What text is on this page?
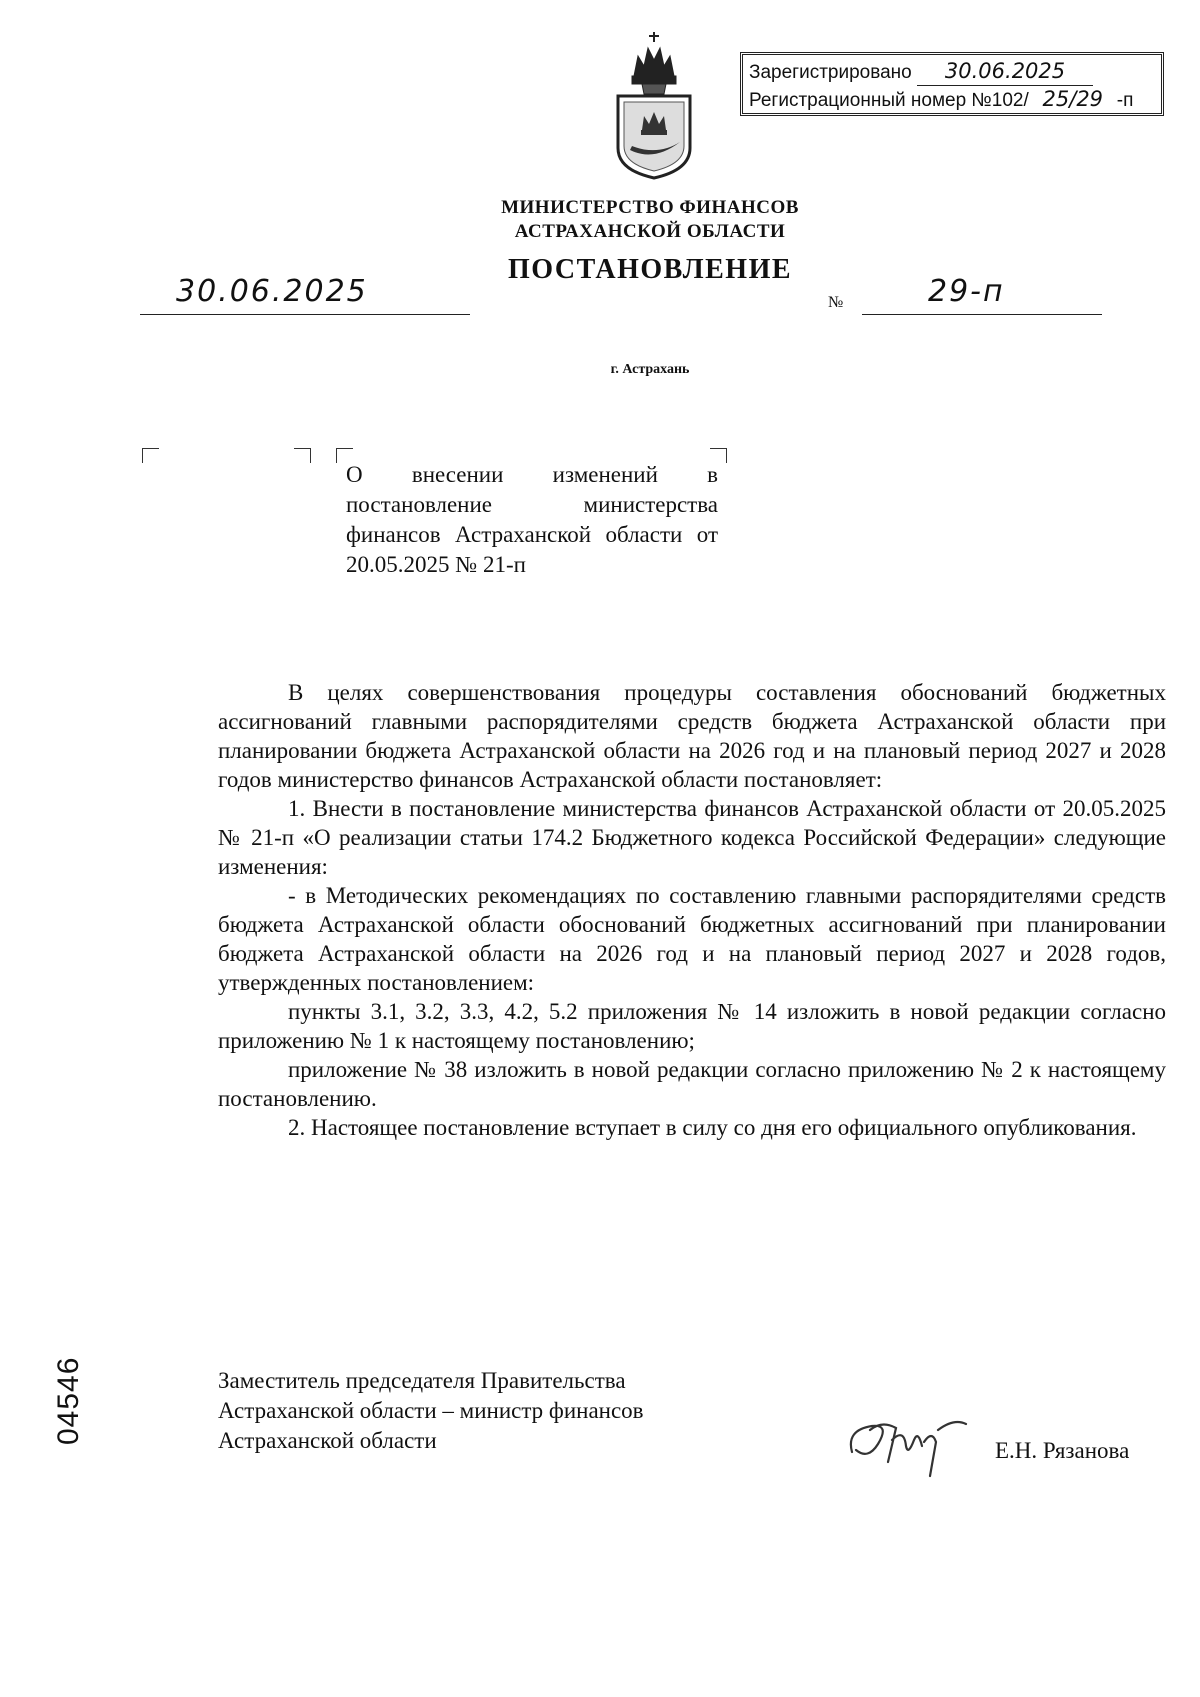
Зарегистрировано 30.06.2025
Регистрационный номер №102/ 25/29 -п
МИНИСТЕРСТВО ФИНАНСОВ
АСТРАХАНСКОЙ ОБЛАСТИ
ПОСТАНОВЛЕНИЕ
30.06.2025	№	29-п
г. Астрахань
О внесении изменений в постановление министерства финансов Астраханской области от 20.05.2025 № 21-п

В целях совершенствования процедуры составления обоснований бюджетных ассигнований главными распорядителями средств бюджета Астраханской области при планировании бюджета Астраханской области на 2026 год и на плановый период 2027 и 2028 годов министерство финансов Астраханской области постановляет:

1. Внести в постановление министерства финансов Астраханской области от 20.05.2025 № 21-п «О реализации статьи 174.2 Бюджетного кодекса Российской Федерации» следующие изменения:

- в Методических рекомендациях по составлению главными распорядителями средств бюджета Астраханской области обоснований бюджетных ассигнований при планировании бюджета Астраханской области на 2026 год и на плановый период 2027 и 2028 годов, утвержденных постановлением:

пункты 3.1, 3.2, 3.3, 4.2, 5.2 приложения № 14 изложить в новой редакции согласно приложению № 1 к настоящему постановлению;

приложение № 38 изложить в новой редакции согласно приложению № 2 к настоящему постановлению.

2. Настоящее постановление вступает в силу со дня его официального опубликования.

04546	Заместитель председателя Правительства
Астраханской области – министр финансов
Астраханской области	Е.Н. Рязанова
